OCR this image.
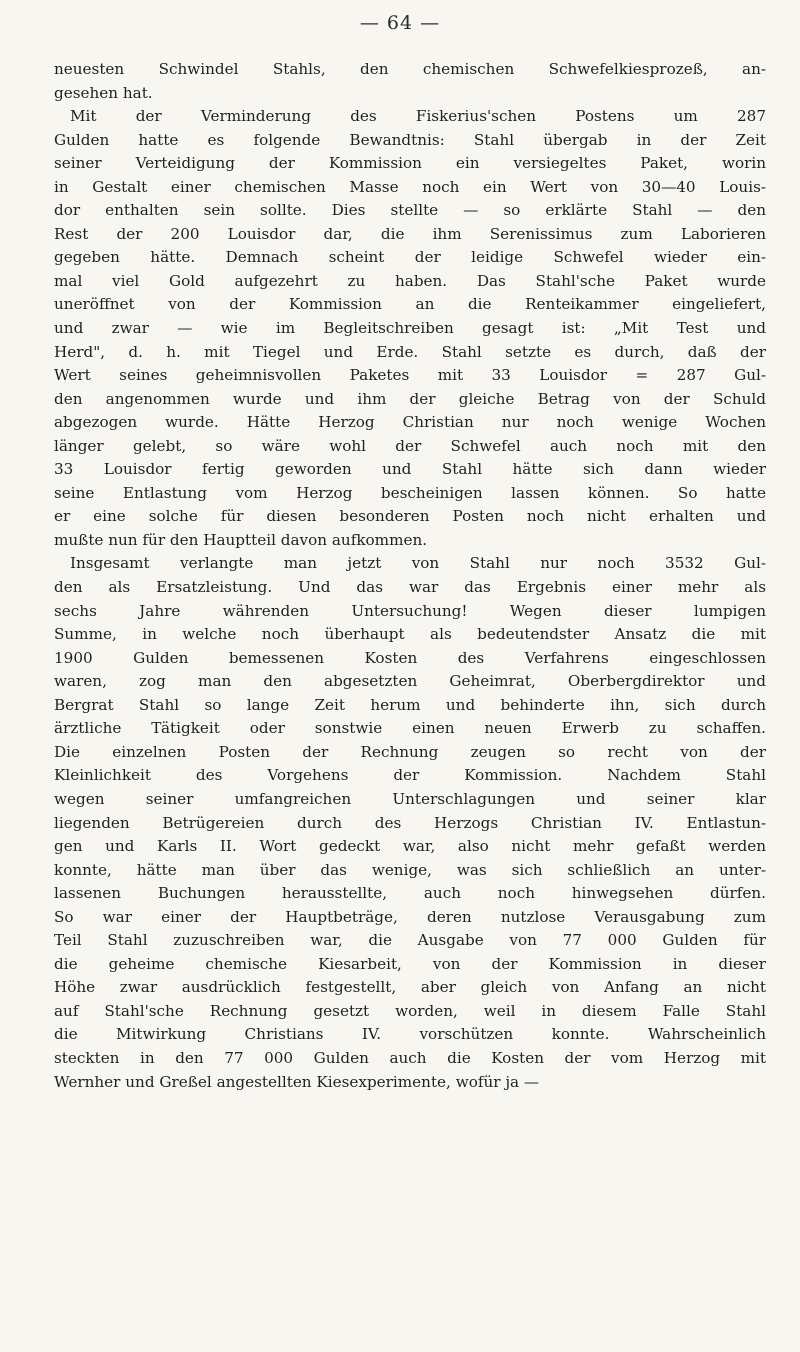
— 64 —
neuesten Schwindel Stahls, den chemischen Schwefelkiesprozeß, an-
gesehen hat.
Mit der Verminderung des Fiskerius'schen Postens um 287
Gulden hatte es folgende Bewandtnis: Stahl übergab in der Zeit
seiner Verteidigung der Kommission ein versiegeltes Paket, worin
in Gestalt einer chemischen Masse noch ein Wert von 30—40 Louis-
dor enthalten sein sollte. Dies stellte — so erklärte Stahl — den
Rest der 200 Louisdor dar, die ihm Serenissimus zum Laborieren
gegeben hätte. Demnach scheint der leidige Schwefel wieder ein-
mal viel Gold aufgezehrt zu haben. Das Stahl'sche Paket wurde
uneröffnet von der Kommission an die Renteikammer eingeliefert,
und zwar — wie im Begleitschreiben gesagt ist: „Mit Test und
Herd", d. h. mit Tiegel und Erde. Stahl setzte es durch, daß der
Wert seines geheimnisvollen Paketes mit 33 Louisdor = 287 Gul-
den angenommen wurde und ihm der gleiche Betrag von der Schuld
abgezogen wurde. Hätte Herzog Christian nur noch wenige Wochen
länger gelebt, so wäre wohl der Schwefel auch noch mit den
33 Louisdor fertig geworden und Stahl hätte sich dann wieder
seine Entlastung vom Herzog bescheinigen lassen können. So hatte
er eine solche für diesen besonderen Posten noch nicht erhalten und
mußte nun für den Hauptteil davon aufkommen.
Insgesamt verlangte man jetzt von Stahl nur noch 3532 Gul-
den als Ersatzleistung. Und das war das Ergebnis einer mehr als
sechs Jahre währenden Untersuchung! Wegen dieser lumpigen
Summe, in welche noch überhaupt als bedeutendster Ansatz die mit
1900 Gulden bemessenen Kosten des Verfahrens eingeschlossen
waren, zog man den abgesetzten Geheimrat, Oberbergdirektor und
Bergrat Stahl so lange Zeit herum und behinderte ihn, sich durch
ärztliche Tätigkeit oder sonstwie einen neuen Erwerb zu schaffen.
Die einzelnen Posten der Rechnung zeugen so recht von der
Kleinlichkeit des Vorgehens der Kommission. Nachdem Stahl
wegen seiner umfangreichen Unterschlagungen und seiner klar
liegenden Betrügereien durch des Herzogs Christian IV. Entlastun-
gen und Karls II. Wort gedeckt war, also nicht mehr gefaßt werden
konnte, hätte man über das wenige, was sich schließlich an unter-
lassenen Buchungen herausstellte, auch noch hinwegsehen dürfen.
So war einer der Hauptbeträge, deren nutzlose Verausgabung zum
Teil Stahl zuzuschreiben war, die Ausgabe von 77 000 Gulden für
die geheime chemische Kiesarbeit, von der Kommission in dieser
Höhe zwar ausdrücklich festgestellt, aber gleich von Anfang an nicht
auf Stahl'sche Rechnung gesetzt worden, weil in diesem Falle Stahl
die Mitwirkung Christians IV. vorschützen konnte. Wahrscheinlich
steckten in den 77 000 Gulden auch die Kosten der vom Herzog mit
Wernher und Greßel angestellten Kiesexperimente, wofür ja —
